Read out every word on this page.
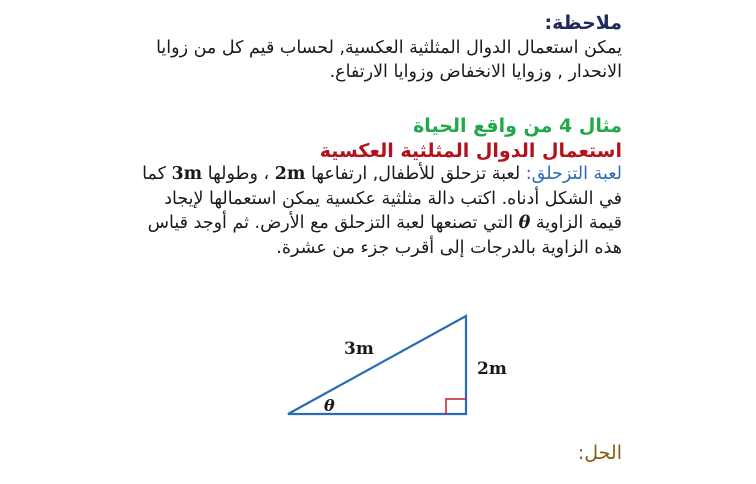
ملاحظة:

يمكن استعمال الدوال المثلثية العكسية, لحساب قيم كل من زوايا الانحدار , وزوايا الانخفاض وزوايا الارتفاع.

مثال 4 من واقع الحياة
استعمال الدوال المثلثية العكسية

لعبة التزحلق: لعبة تزحلق للأطفال, ارتفاعها 2m ، وطولها 3m كما في الشكل أدناه. اكتب دالة مثلثية عكسية يمكن استعمالها لإيجاد قيمة الزاوية θ التي تصنعها لعبة التزحلق مع الأرض. ثم أوجد قياس هذه الزاوية بالدرجات إلى أقرب جزء من عشرة.

3m
2m
θ

الحل:
